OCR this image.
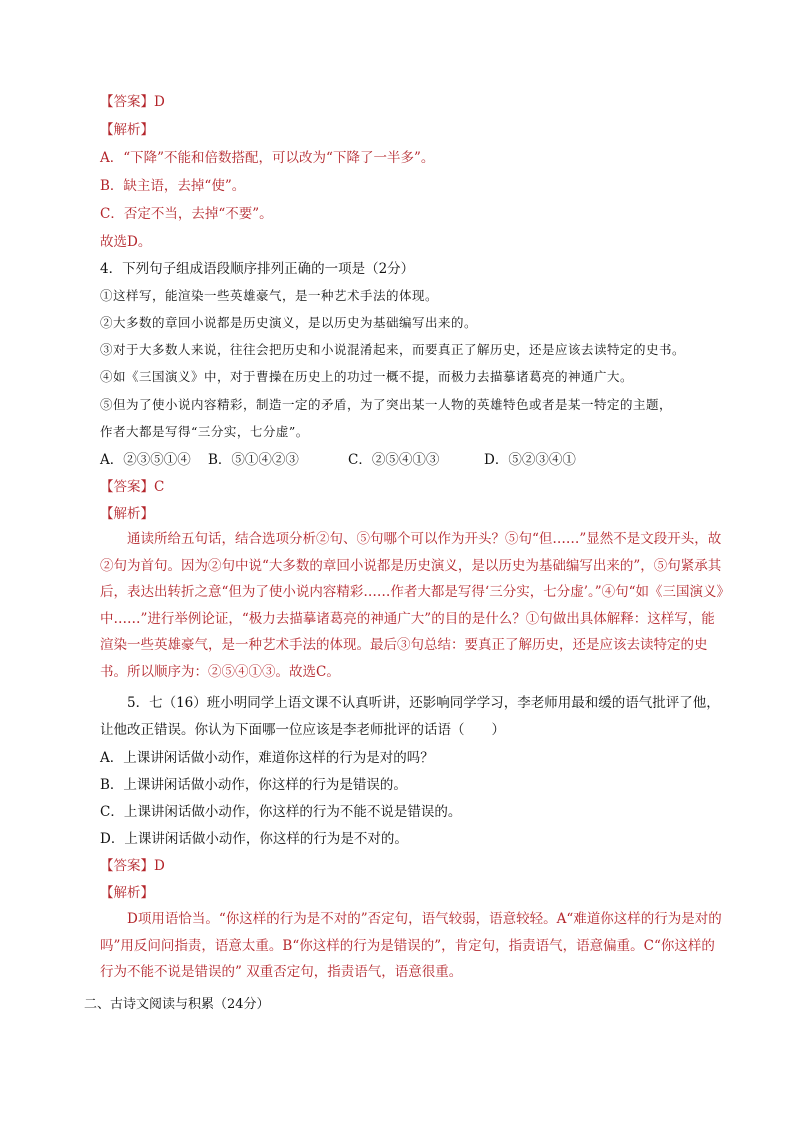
【答案】D
【解析】
A．“下降”不能和倍数搭配，可以改为“下降了一半多”。
B．缺主语，去掉“使”。
C．否定不当，去掉“不要”。
故选D。
4．下列句子组成语段顺序排列正确的一项是（2分）
①这样写，能渲染一些英雄豪气，是一种艺术手法的体现。
②大多数的章回小说都是历史演义，是以历史为基础编写出来的。
③对于大多数人来说，往往会把历史和小说混淆起来，而要真正了解历史，还是应该去读特定的史书。
④如《三国演义》中，对于曹操在历史上的功过一概不提，而极力去描摹诸葛亮的神通广大。
⑤但为了使小说内容精彩，制造一定的矛盾，为了突出某一人物的英雄特色或者是某一特定的主题，
作者大都是写得“三分实，七分虚”。
A．②③⑤①④ B．⑤①④②③	C．②⑤④①③	D．⑤②③④①
【答案】C
【解析】
通读所给五句话，结合选项分析②句、⑤句哪个可以作为开头？⑤句“但……”显然不是文段开头，故②句为首句。因为②句中说“大多数的章回小说都是历史演义，是以历史为基础编写出来的”，⑤句紧承其后，表达出转折之意“但为了使小说内容精彩……作者大都是写得‘三分实，七分虚’。”④句“如《三国演义》中……”进行举例论证，“极力去描摹诸葛亮的神通广大”的目的是什么？①句做出具体解释：这样写，能渲染一些英雄豪气，是一种艺术手法的体现。最后③句总结：要真正了解历史，还是应该去读特定的史书。所以顺序为：②⑤④①③。故选C。
5．七（16）班小明同学上语文课不认真听讲，还影响同学学习，李老师用最和缓的语气批评了他，让他改正错误。你认为下面哪一位应该是李老师批评的话语（　　）
A．上课讲闲话做小动作，难道你这样的行为是对的吗？
B．上课讲闲话做小动作，你这样的行为是错误的。
C．上课讲闲话做小动作，你这样的行为不能不说是错误的。
D．上课讲闲话做小动作，你这样的行为是不对的。
【答案】D
【解析】
D项用语恰当。“你这样的行为是不对的”否定句，语气较弱，语意较轻。A“难道你这样的行为是对的吗”用反问问指责，语意太重。B“你这样的行为是错误的”，肯定句，指责语气，语意偏重。C“你这样的行为不能不说是错误的” 双重否定句，指责语气，语意很重。
二、古诗文阅读与积累（24分）
